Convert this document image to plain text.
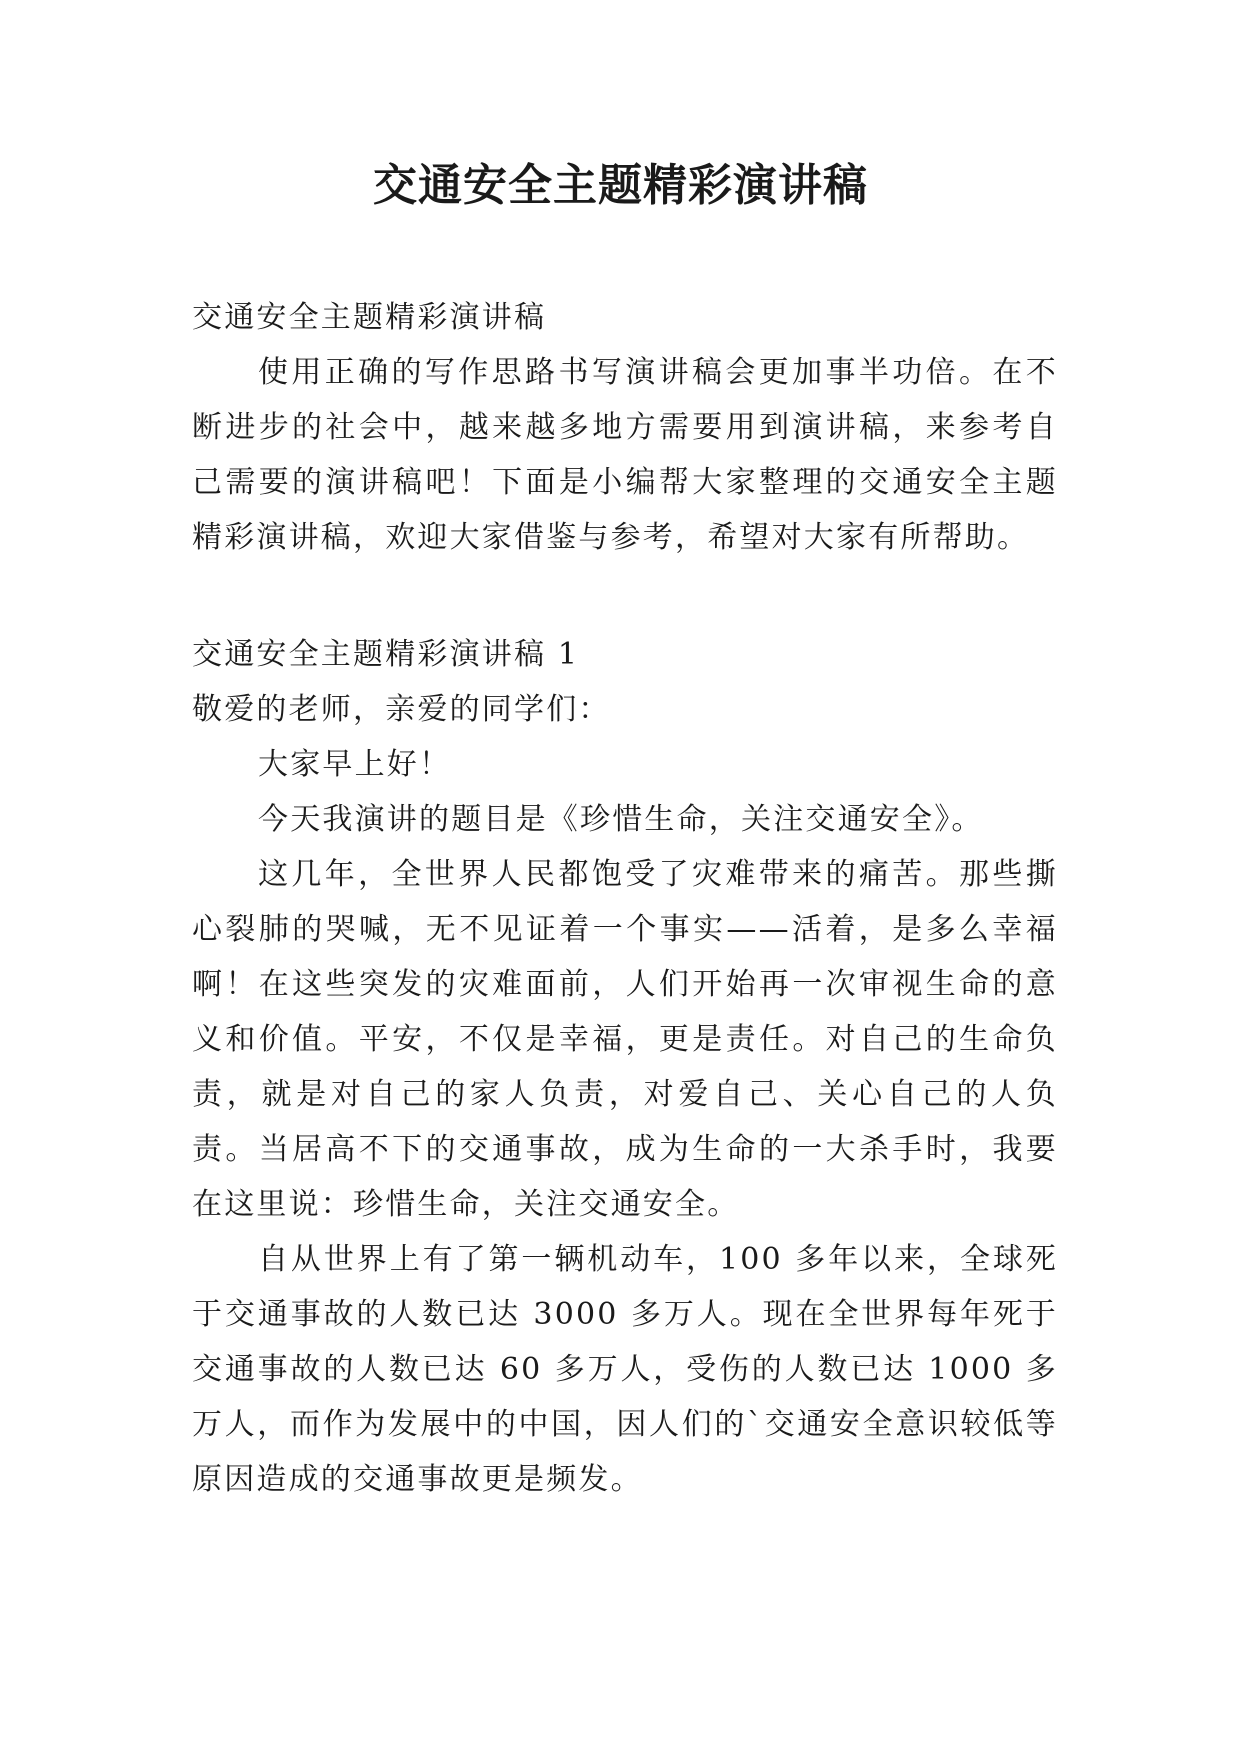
交通安全主题精彩演讲稿

交通安全主题精彩演讲稿

使用正确的写作思路书写演讲稿会更加事半功倍。在不断进步的社会中，越来越多地方需要用到演讲稿，来参考自己需要的演讲稿吧！下面是小编帮大家整理的交通安全主题精彩演讲稿，欢迎大家借鉴与参考，希望对大家有所帮助。

交通安全主题精彩演讲稿 1

敬爱的老师，亲爱的同学们：

大家早上好！

今天我演讲的题目是《珍惜生命，关注交通安全》。

这几年，全世界人民都饱受了灾难带来的痛苦。那些撕心裂肺的哭喊，无不见证着一个事实——活着，是多么幸福啊！在这些突发的灾难面前，人们开始再一次审视生命的意义和价值。平安，不仅是幸福，更是责任。对自己的生命负责，就是对自己的家人负责，对爱自己、关心自己的人负责。当居高不下的交通事故，成为生命的一大杀手时，我要在这里说：珍惜生命，关注交通安全。

自从世界上有了第一辆机动车，100 多年以来，全球死于交通事故的人数已达 3000 多万人。现在全世界每年死于交通事故的人数已达 60 多万人，受伤的人数已达 1000 多万人，而作为发展中的中国，因人们的`交通安全意识较低等原因造成的交通事故更是频发。
